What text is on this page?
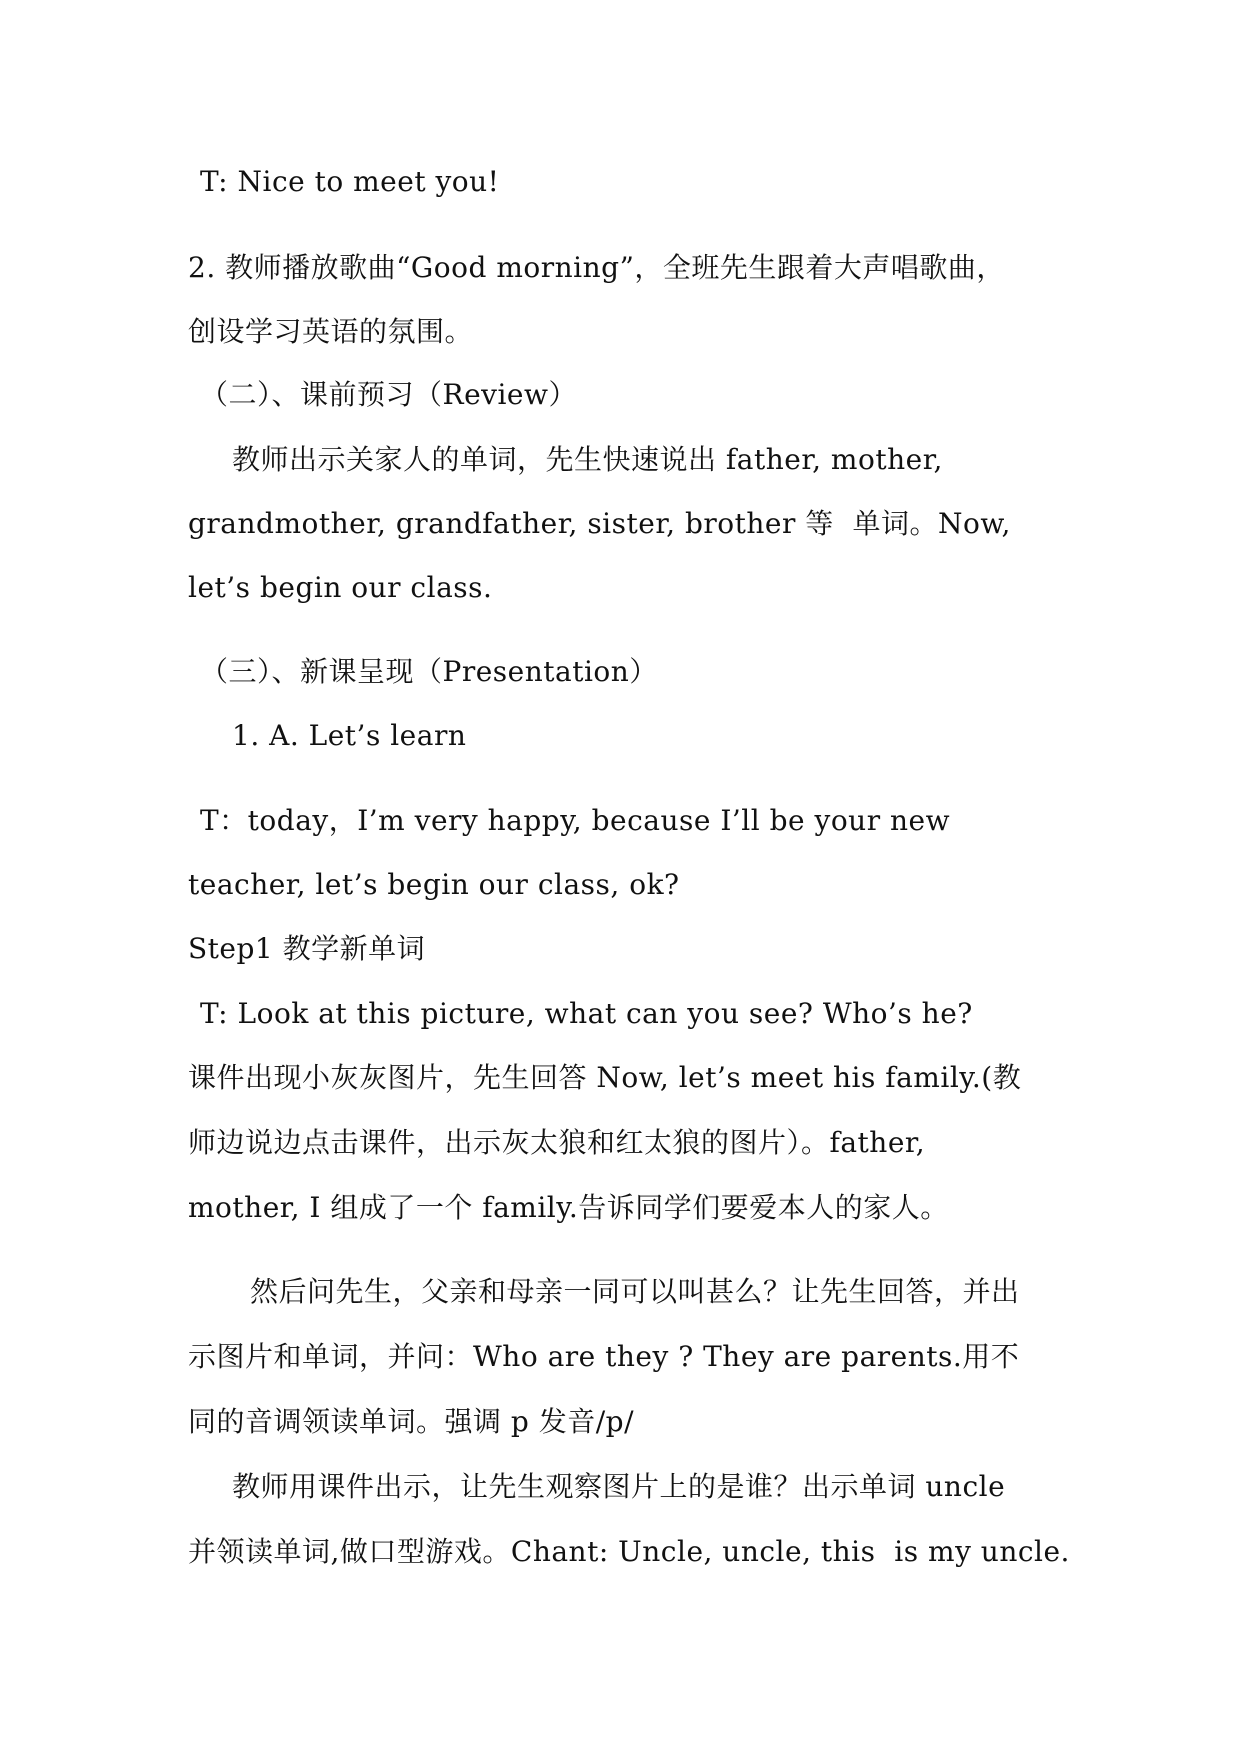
T: Nice to meet you!
2. 教师播放歌曲“Good morning”，全班先生跟着大声唱歌曲，
创设学习英语的氛围。
（二）、课前预习（Review）
教师出示关家人的单词，先生快速说出 father, mother,
grandmother, grandfather, sister, brother 等  单词。Now,
let’s begin our class.
（三）、新课呈现（Presentation）
1. A. Let’s learn
T：today，I’m very happy, because I’ll be your new
teacher, let’s begin our class, ok?
Step1 教学新单词
T: Look at this picture, what can you see? Who’s he?
课件出现小灰灰图片，先生回答 Now, let’s meet his family.(教
师边说边点击课件，出示灰太狼和红太狼的图片）。father,
mother, I 组成了一个 family.告诉同学们要爱本人的家人。
然后问先生，父亲和母亲一同可以叫甚么？让先生回答，并出
示图片和单词，并问：Who are they ? They are parents.用不
同的音调领读单词。强调 p 发音/p/
教师用课件出示，让先生观察图片上的是谁？出示单词 uncle
并领读单词,做口型游戏。Chant: Uncle, uncle, this  is my uncle.
